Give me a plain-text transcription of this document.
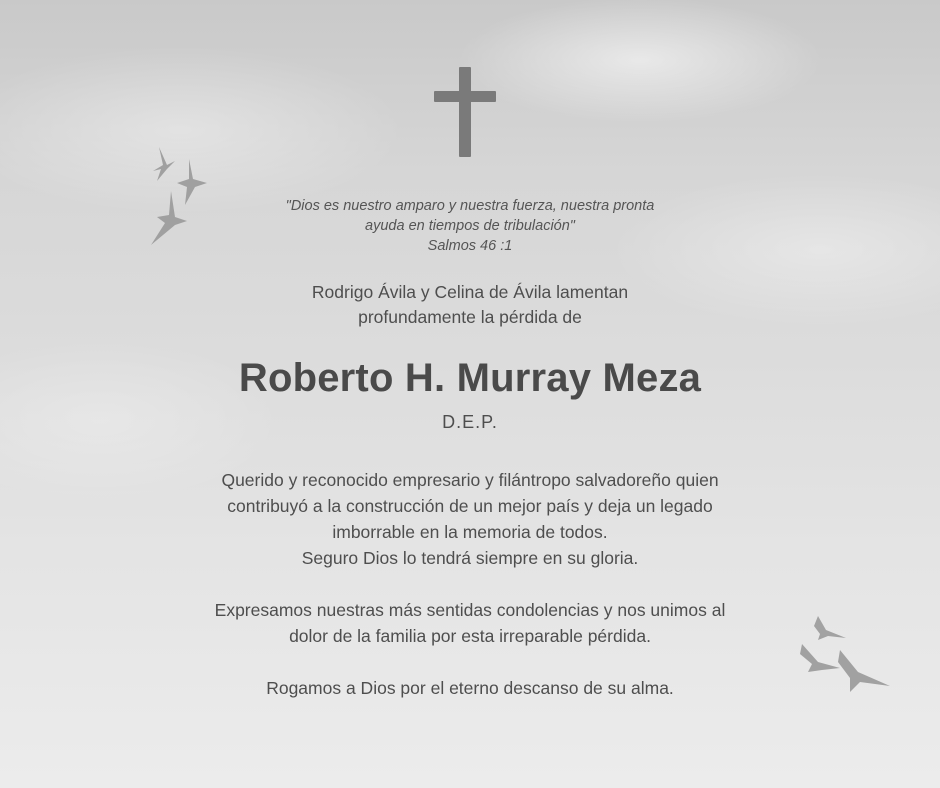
"Dios es nuestro amparo y nuestra fuerza, nuestra pronta
ayuda en tiempos de tribulación"
Salmos 46 :1
Rodrigo Ávila y Celina de Ávila lamentan
profundamente la pérdida de
Roberto H. Murray Meza
D.E.P.
Querido y reconocido empresario y filántropo salvadoreño quien
contribuyó a la construcción de un mejor país y deja un legado
imborrable en la memoria de todos.
Seguro Dios lo tendrá siempre en su gloria.
Expresamos nuestras más sentidas condolencias y nos unimos al
dolor de la familia por esta irreparable pérdida.
Rogamos a Dios por el eterno descanso de su alma.
